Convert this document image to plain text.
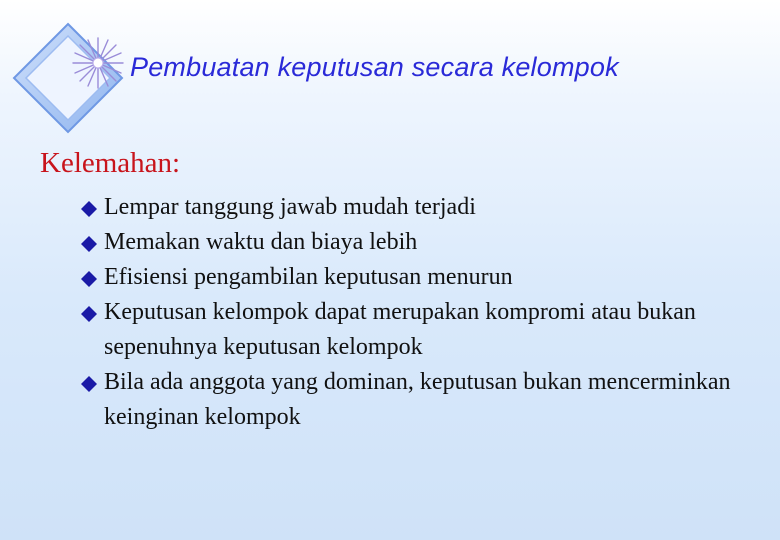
Pembuatan keputusan secara kelompok
Kelemahan:
Lempar tanggung jawab mudah terjadi
Memakan waktu dan biaya lebih
Efisiensi pengambilan keputusan menurun
Keputusan kelompok dapat merupakan kompromi atau bukan sepenuhnya keputusan kelompok
Bila ada anggota yang dominan, keputusan bukan mencerminkan keinginan kelompok
